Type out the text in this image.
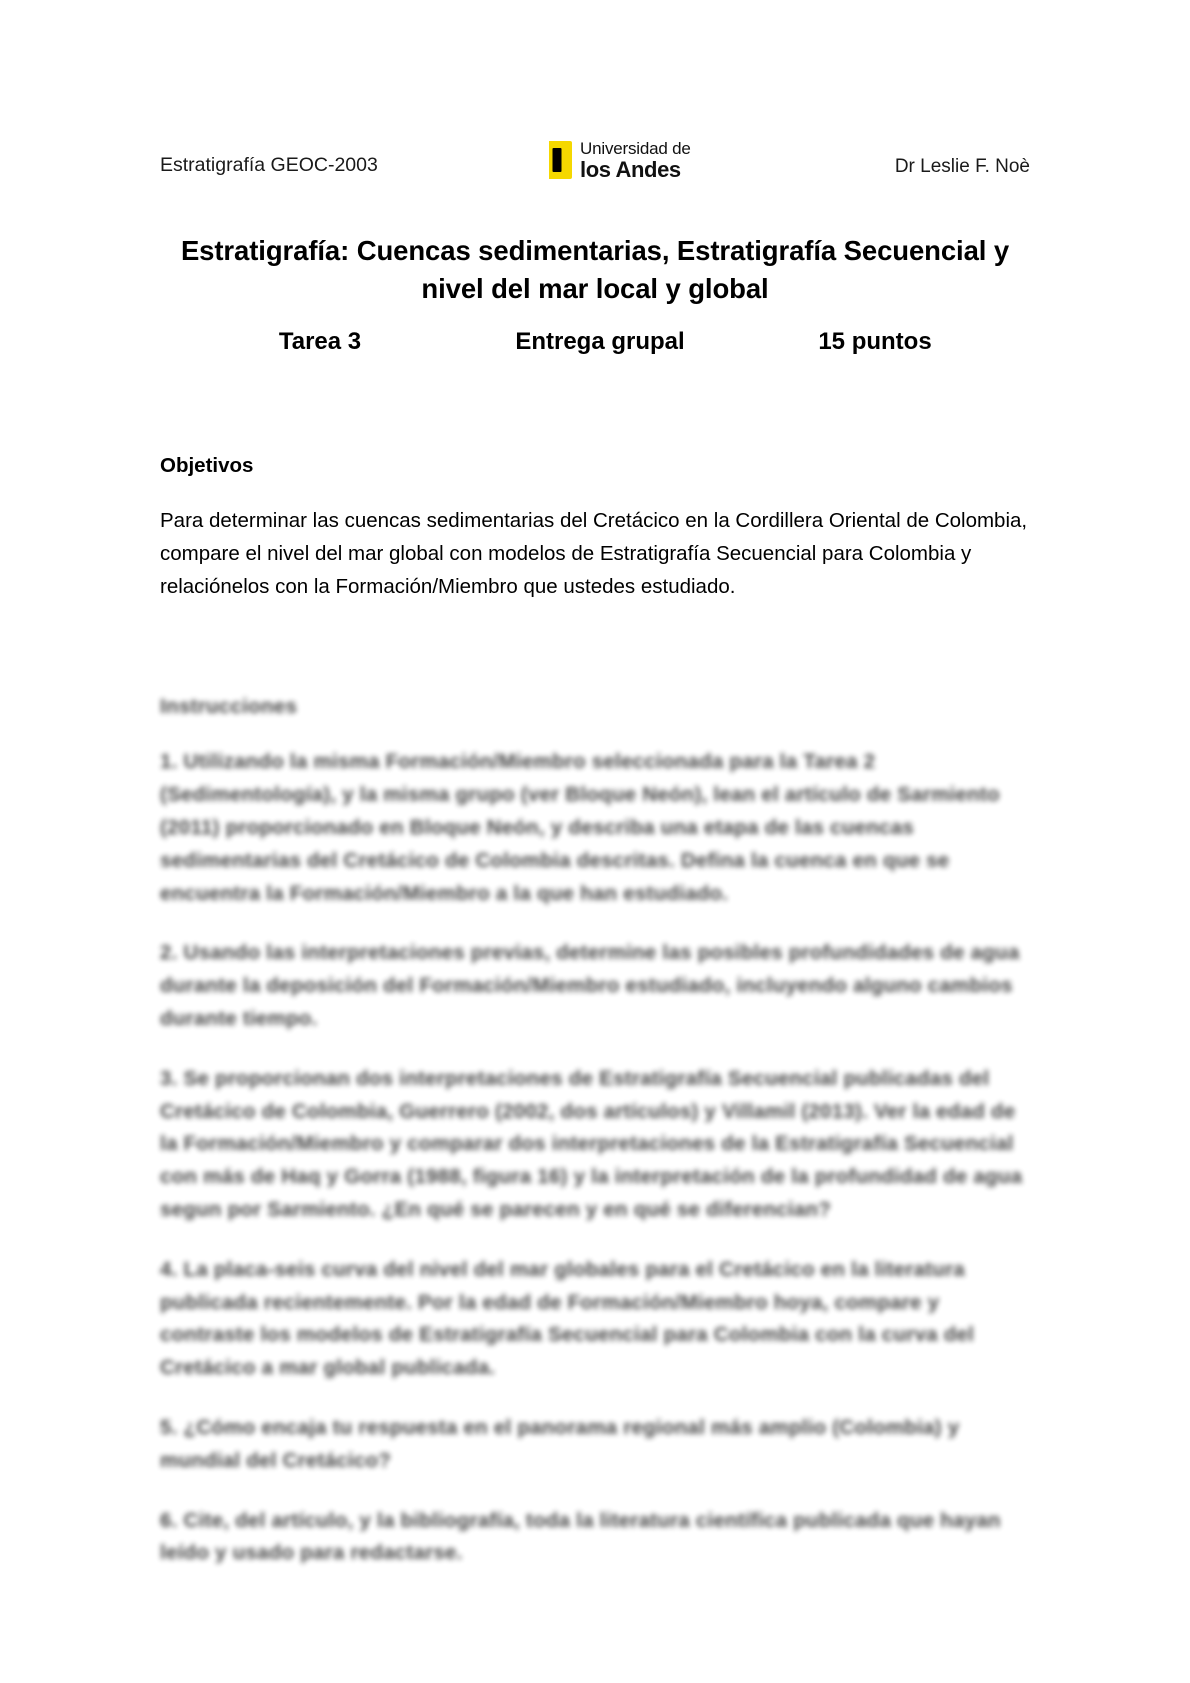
Estratigrafía GEOC-2003
Universidad de
los Andes	Dr Leslie F. Noè
Estratigrafía: Cuencas sedimentarias, Estratigrafía Secuencial y
nivel del mar local y global
Tarea 3	Entrega grupal	15 puntos
Objetivos
Para determinar las cuencas sedimentarias del Cretácico en la Cordillera Oriental de Colombia, compare el nivel del mar global con modelos de Estratigrafía Secuencial para Colombia y relaciónelos con la Formación/Miembro que ustedes estudiado.
Instrucciones
1. Utilizando la misma Formación/Miembro seleccionada para la Tarea 2 (Sedimentología), y la misma grupo (ver Bloque Neón), lean el artículo de Sarmiento (2011) proporcionado en Bloque Neón, y describa una etapa de las cuencas sedimentarias del Cretácico de Colombia descritas. Defina la cuenca en que se encuentra la Formación/Miembro a la que han estudiado.
2. Usando las interpretaciones previas, determine las posibles profundidades de agua durante la deposición del Formación/Miembro estudiado, incluyendo alguno cambios durante tiempo.
3. Se proporcionan dos interpretaciones de Estratigrafía Secuencial publicadas del Cretácico de Colombia, Guerrero (2002, dos artículos) y Villamil (2013). Ver la edad de la Formación/Miembro y comparar dos interpretaciones de la Estratigrafía Secuencial con más de Haq y Gorra (1988, figura 16) y la interpretación de la profundidad de agua segun por Sarmiento. ¿En qué se parecen y en qué se diferencian?
4. La placa-seis curva del nivel del mar globales para el Cretácico en la literatura publicada recientemente. Por la edad de Formación/Miembro hoya, compare y contraste los modelos de Estratigrafía Secuencial para Colombia con la curva del Cretácico a mar global publicada.
5. ¿Cómo encaja tu respuesta en el panorama regional más amplio (Colombia) y mundial del Cretácico?
6. Cite, del artículo, y la bibliografía, toda la literatura científica publicada que hayan leído y usado para redactarse.
